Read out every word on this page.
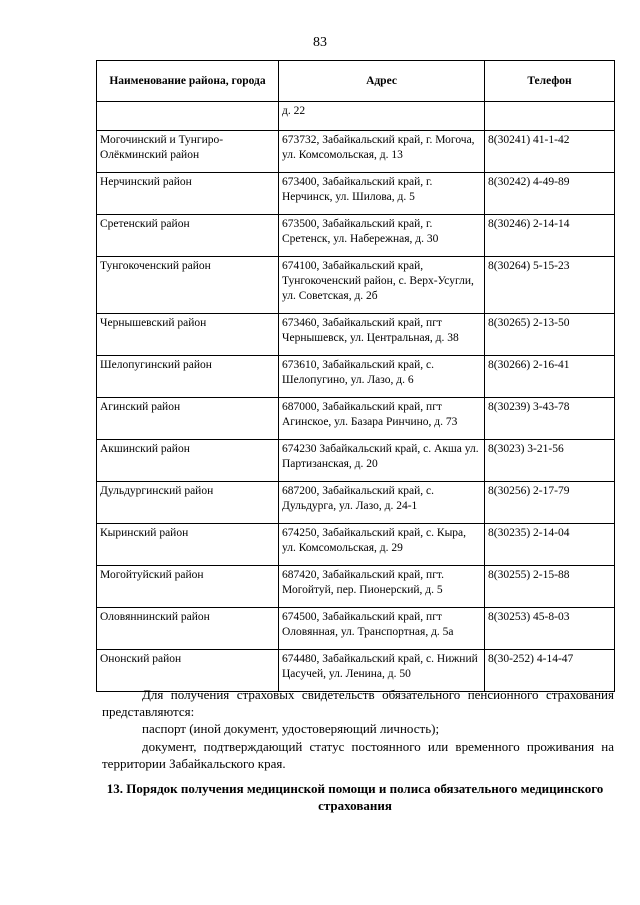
83
Наименование района, города	Адрес	Телефон
	д. 22	
Могочинский и Тунгиро-Олёкминский район	673732, Забайкальский край, г. Могоча, ул. Комсомольская, д. 13	8(30241) 41-1-42
Нерчинский район	673400, Забайкальский край, г. Нерчинск, ул. Шилова, д. 5	8(30242) 4-49-89
Сретенский район	673500, Забайкальский край, г. Сретенск, ул. Набережная, д. 30	8(30246) 2-14-14
Тунгокоченский район	674100, Забайкальский край, Тунгокоченский район, с. Верх-Усугли, ул. Советская, д. 2б	8(30264) 5-15-23
Чернышевский район	673460, Забайкальский край, пгт Чернышевск, ул. Центральная, д. 38	8(30265) 2-13-50
Шелопугинский район	673610, Забайкальский край, с. Шелопугино, ул. Лазо, д. 6	8(30266) 2-16-41
Агинский район	687000, Забайкальский край, пгт Агинское, ул. Базара Ринчино, д. 73	8(30239) 3-43-78
Акшинский район	674230 Забайкальский край, с. Акша ул. Партизанская, д. 20	8(3023) 3-21-56
Дульдургинский район	687200, Забайкальский край, с. Дульдурга, ул. Лазо, д. 24-1	8(30256) 2-17-79
Кыринский район	674250, Забайкальский край, с. Кыра, ул. Комсомольская, д. 29	8(30235) 2-14-04
Могойтуйский район	687420, Забайкальский край, пгт. Могойтуй, пер. Пионерский, д. 5	8(30255) 2-15-88
Оловяннинский район	674500, Забайкальский край, пгт Оловянная, ул. Транспортная, д. 5а	8(30253) 45-8-03
Ононский район	674480, Забайкальский край, с. Нижний Цасучей, ул. Ленина, д. 50	8(30-252) 4-14-47
Для получения страховых свидетельств обязательного пенсионного страхования представляются:
паспорт (иной документ, удостоверяющий личность);
документ, подтверждающий статус постоянного или временного проживания на территории Забайкальского края.
13. Порядок получения медицинской помощи и полиса обязательного медицинского страхования
